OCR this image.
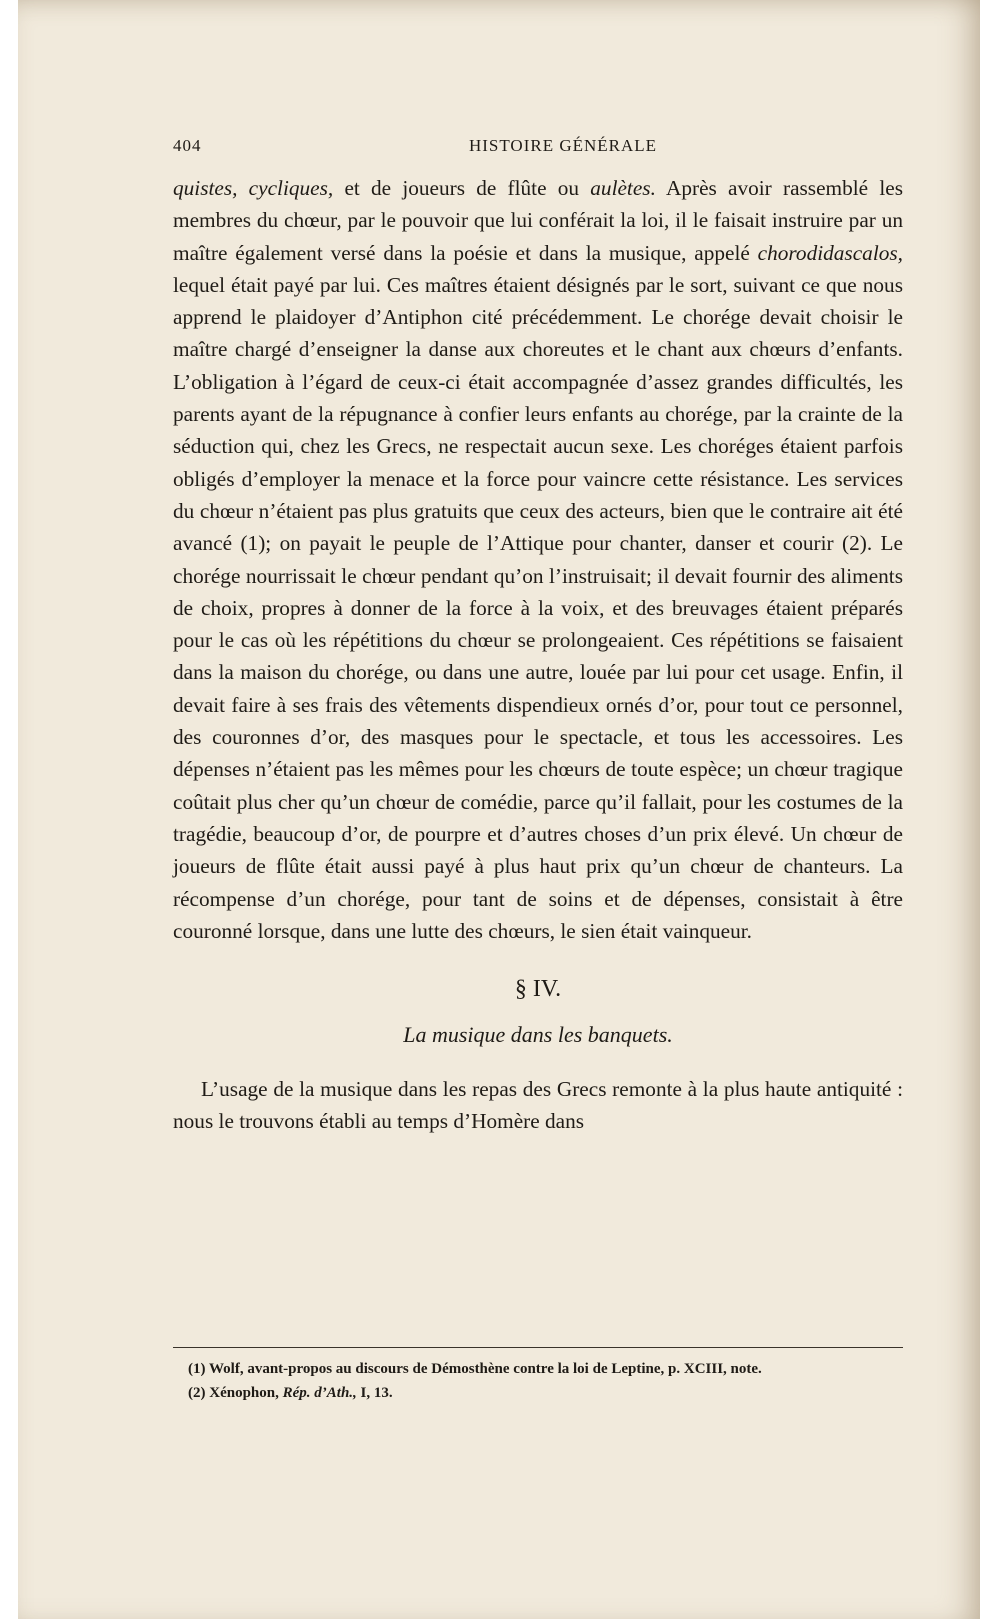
404	HISTOIRE GÉNÉRALE

quistes, cycliques, et de joueurs de flûte ou aulètes. Après avoir rassemblé les membres du chœur, par le pouvoir que lui conférait la loi, il le faisait instruire par un maître également versé dans la poésie et dans la musique, appelé chorodidascalos, lequel était payé par lui. Ces maîtres étaient désignés par le sort, suivant ce que nous apprend le plaidoyer d’Antiphon cité précédemment. Le chorége devait choisir le maître chargé d’enseigner la danse aux choreutes et le chant aux chœurs d’enfants. L’obligation à l’égard de ceux-ci était accompagnée d’assez grandes difficultés, les parents ayant de la répugnance à confier leurs enfants au chorége, par la crainte de la séduction qui, chez les Grecs, ne respectait aucun sexe. Les choréges étaient parfois obligés d’employer la menace et la force pour vaincre cette résistance. Les services du chœur n’étaient pas plus gratuits que ceux des acteurs, bien que le contraire ait été avancé (1); on payait le peuple de l’Attique pour chanter, danser et courir (2). Le chorége nourrissait le chœur pendant qu’on l’instruisait; il devait fournir des aliments de choix, propres à donner de la force à la voix, et des breuvages étaient préparés pour le cas où les répétitions du chœur se prolongeaient. Ces répétitions se faisaient dans la maison du chorége, ou dans une autre, louée par lui pour cet usage. Enfin, il devait faire à ses frais des vêtements dispendieux ornés d’or, pour tout ce personnel, des couronnes d’or, des masques pour le spectacle, et tous les accessoires. Les dépenses n’étaient pas les mêmes pour les chœurs de toute espèce; un chœur tragique coûtait plus cher qu’un chœur de comédie, parce qu’il fallait, pour les costumes de la tragédie, beaucoup d’or, de pourpre et d’autres choses d’un prix élevé. Un chœur de joueurs de flûte était aussi payé à plus haut prix qu’un chœur de chanteurs. La récompense d’un chorége, pour tant de soins et de dépenses, consistait à être couronné lorsque, dans une lutte des chœurs, le sien était vainqueur.

§ IV.
La musique dans les banquets.

L’usage de la musique dans les repas des Grecs remonte à la plus haute antiquité : nous le trouvons établi au temps d’Homère dans

(1) Wolf, avant-propos au discours de Démosthène contre la loi de Leptine, p. XCIII, note.
(2) Xénophon, Rép. d’Ath., I, 13.
